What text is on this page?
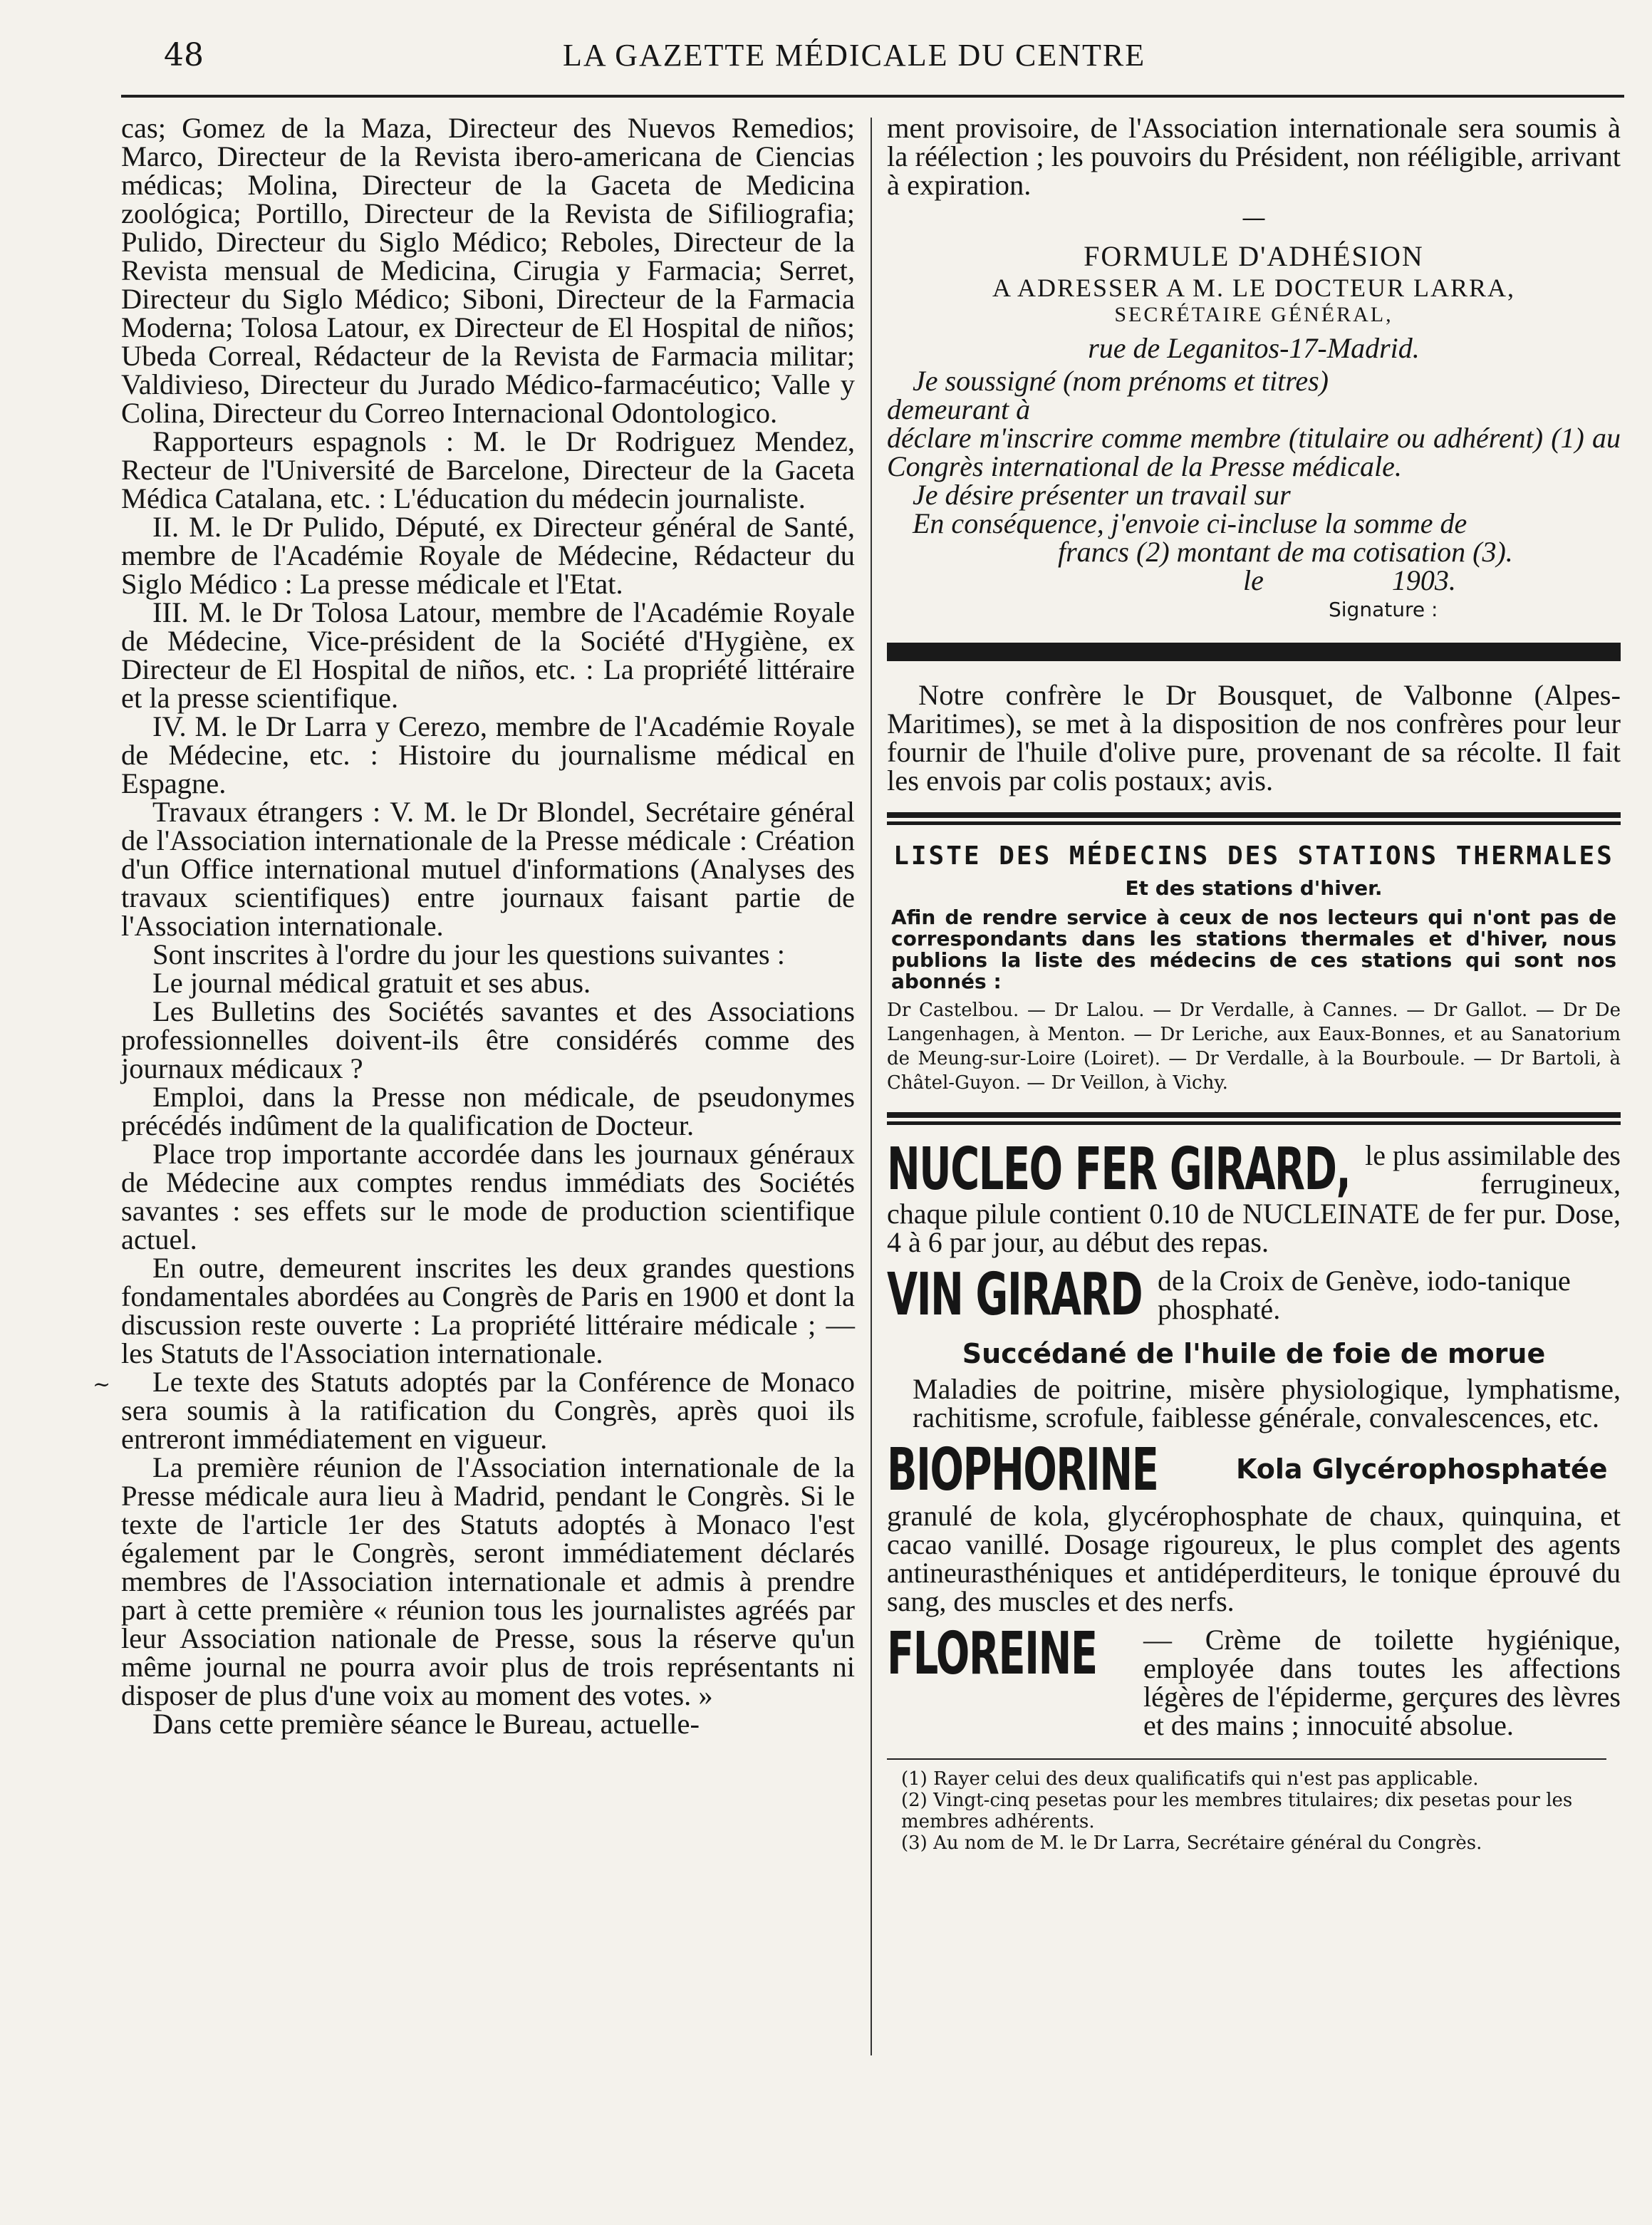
48	LA GAZETTE MÉDICALE DU CENTRE
~

cas; Gomez de la Maza, Directeur des Nuevos Remedios; Marco, Directeur de la Revista ibero-americana de Ciencias médicas; Molina, Directeur de la Gaceta de Medicina zoológica; Portillo, Directeur de la Revista de Sifiliografia; Pulido, Directeur du Siglo Médico; Reboles, Directeur de la Revista mensual de Medicina, Cirugia y Farmacia; Serret, Directeur du Siglo Médico; Siboni, Directeur de la Farmacia Moderna; Tolosa Latour, ex Directeur de El Hospital de niños; Ubeda Correal, Rédacteur de la Revista de Farmacia militar; Valdivieso, Directeur du Jurado Médico-farmacéutico; Valle y Colina, Directeur du Correo Internacional Odontologico.

Rapporteurs espagnols : M. le Dr Rodriguez Mendez, Recteur de l'Université de Barcelone, Directeur de la Gaceta Médica Catalana, etc. : L'éducation du médecin journaliste.

II. M. le Dr Pulido, Député, ex Directeur général de Santé, membre de l'Académie Royale de Médecine, Rédacteur du Siglo Médico : La presse médicale et l'Etat.

III. M. le Dr Tolosa Latour, membre de l'Académie Royale de Médecine, Vice-président de la Société d'Hygiène, ex Directeur de El Hospital de niños, etc. : La propriété littéraire et la presse scientifique.

IV. M. le Dr Larra y Cerezo, membre de l'Académie Royale de Médecine, etc. : Histoire du journalisme médical en Espagne.

Travaux étrangers : V. M. le Dr Blondel, Secrétaire général de l'Association internationale de la Presse médicale : Création d'un Office international mutuel d'informations (Analyses des travaux scientifiques) entre journaux faisant partie de l'Association internationale.

Sont inscrites à l'ordre du jour les questions suivantes :

Le journal médical gratuit et ses abus.

Les Bulletins des Sociétés savantes et des Associations professionnelles doivent-ils être considérés comme des journaux médicaux ?

Emploi, dans la Presse non médicale, de pseudonymes précédés indûment de la qualification de Docteur.

Place trop importante accordée dans les journaux généraux de Médecine aux comptes rendus immédiats des Sociétés savantes : ses effets sur le mode de production scientifique actuel.

En outre, demeurent inscrites les deux grandes questions fondamentales abordées au Congrès de Paris en 1900 et dont la discussion reste ouverte : La propriété littéraire médicale ; — les Statuts de l'Association internationale.

Le texte des Statuts adoptés par la Conférence de Monaco sera soumis à la ratification du Congrès, après quoi ils entreront immédiatement en vigueur.

La première réunion de l'Association internationale de la Presse médicale aura lieu à Madrid, pendant le Congrès. Si le texte de l'article 1er des Statuts adoptés à Monaco l'est également par le Congrès, seront immédiatement déclarés membres de l'Association internationale et admis à prendre part à cette première « réunion tous les journalistes agréés par leur Association nationale de Presse, sous la réserve qu'un même journal ne pourra avoir plus de trois représentants ni disposer de plus d'une voix au moment des votes. »

Dans cette première séance le Bureau, actuelle-

ment provisoire, de l'Association internationale sera soumis à la réélection ; les pouvoirs du Président, non rééligible, arrivant à expiration.

—
FORMULE D'ADHÉSION
A ADRESSER A M. LE DOCTEUR LARRA,
SECRÉTAIRE GÉNÉRAL,
rue de Leganitos-17-Madrid.
Je soussigné (nom prénoms et titres)
demeurant à
déclare m'inscrire comme membre (titulaire ou adhérent) (1) au Congrès international de la Presse médicale.
Je désire présenter un travail sur
En conséquence, j'envoie ci-incluse la somme de
francs (2) montant de ma cotisation (3).
le	1903.
Signature :

Notre confrère le Dr Bousquet, de Valbonne (Alpes-Maritimes), se met à la disposition de nos confrères pour leur fournir de l'huile d'olive pure, provenant de sa récolte. Il fait les envois par colis postaux; avis.

LISTE DES MÉDECINS DES STATIONS THERMALES
Et des stations d'hiver.
Afin de rendre service à ceux de nos lecteurs qui n'ont pas de correspondants dans les stations thermales et d'hiver, nous publions la liste des médecins de ces stations qui sont nos abonnés :
Dr Castelbou. — Dr Lalou. — Dr Verdalle, à Cannes. — Dr Gallot. — Dr De Langenhagen, à Menton. — Dr Leriche, aux Eaux-Bonnes, et au Sanatorium de Meung-sur-Loire (Loiret). — Dr Verdalle, à la Bourboule. — Dr Bartoli, à Châtel-Guyon. — Dr Veillon, à Vichy.
NUCLEO FER GIRARD, le plus assimilable des ferrugineux,
chaque pilule contient 0.10 de NUCLEINATE de fer pur. Dose, 4 à 6 par jour, au début des repas.
VIN GIRARD de la Croix de Genève, iodo-tanique phosphaté.
Succédané de l'huile de foie de morue
Maladies de poitrine, misère physiologique, lymphatisme, rachitisme, scrofule, faiblesse générale, convalescences, etc.
BIOPHORINE	Kola Glycérophosphatée
granulé de kola, glycérophosphate de chaux, quinquina, et cacao vanillé. Dosage rigoureux, le plus complet des agents antineurasthéniques et antidéperditeurs, le tonique éprouvé du sang, des muscles et des nerfs.
FLOREINE	— Crème de toilette hygiénique, employée dans toutes les affections légères de l'épiderme, gerçures des lèvres et des mains ; innocuité absolue.
(1) Rayer celui des deux qualificatifs qui n'est pas applicable.
(2) Vingt-cinq pesetas pour les membres titulaires; dix pesetas pour les membres adhérents.
(3) Au nom de M. le Dr Larra, Secrétaire général du Congrès.
